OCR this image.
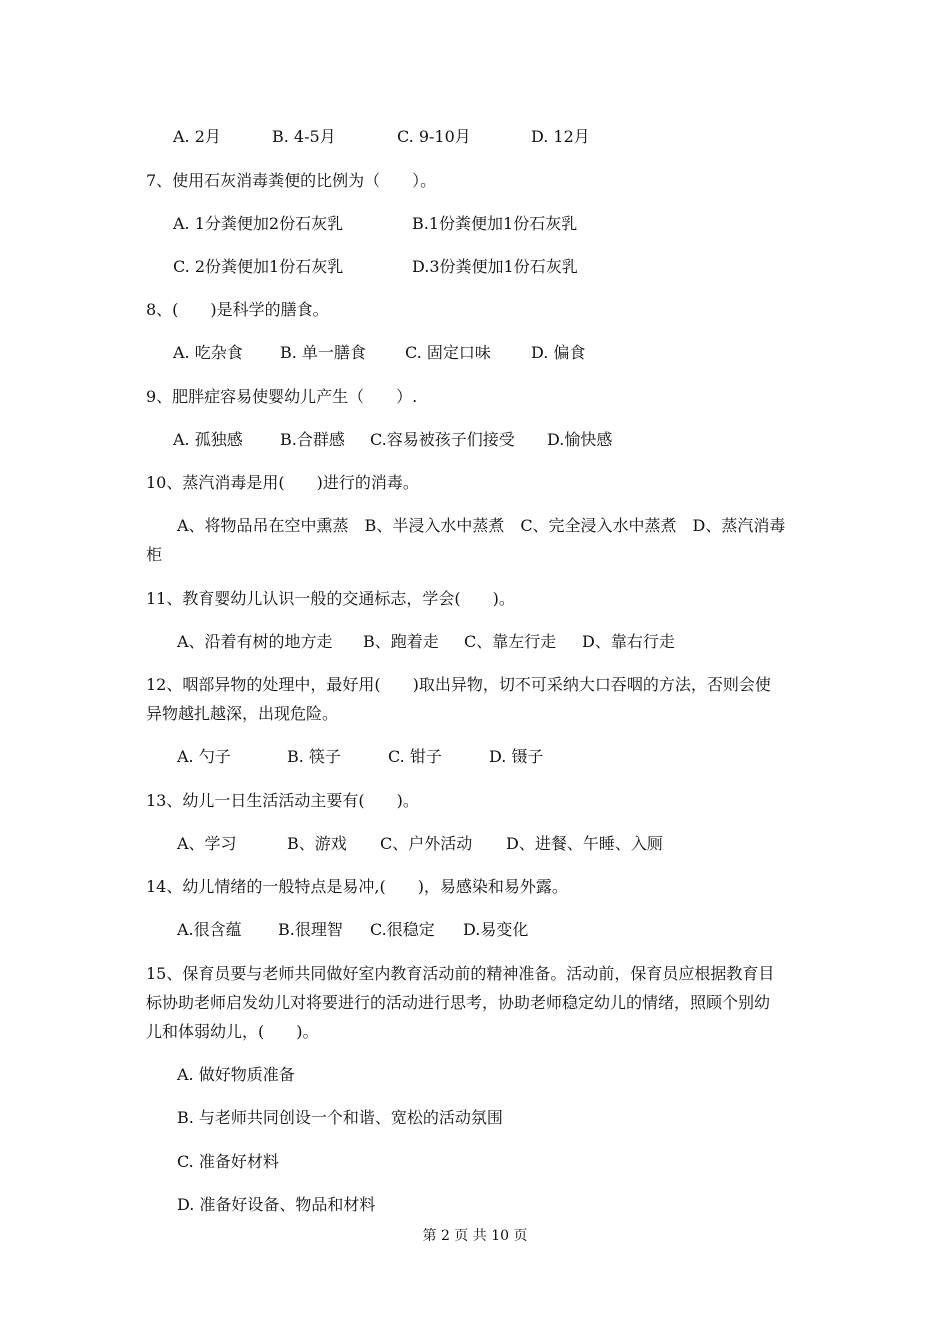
A. 2月	B. 4-5月	C. 9-10月	D. 12月
7、使用石灰消毒粪便的比例为（　　）。
A. 1分粪便加2份石灰乳	B.1份粪便加1份石灰乳
C. 2份粪便加1份石灰乳	D.3份粪便加1份石灰乳
8、(　　)是科学的膳食。
A. 吃杂食 B. 单一膳食 C. 固定口味	D. 偏食
9、肥胖症容易使婴幼儿产生（　　）.
A. 孤独感 B.合群感 C.容易被孩子们接受 D.愉快感
10、蒸汽消毒是用(　　)进行的消毒。
A、将物品吊在空中熏蒸　B、半浸入水中蒸煮　C、完全浸入水中蒸煮　D、蒸汽消毒
柜
11、教育婴幼儿认识一般的交通标志，学会(　　)。
A、沿着有树的地方走 B、跑着走 C、靠左行走 D、靠右行走
12、咽部异物的处理中，最好用(　　)取出异物，切不可采纳大口吞咽的方法，否则会使
异物越扎越深，出现危险。
A. 勺子	B. 筷子	C. 钳子	D. 镊子
13、幼儿一日生活活动主要有(　　)。
A、学习	B、游戏 C、户外活动 D、进餐、午睡、入厕
14、幼儿情绪的一般特点是易冲,(　　)，易感染和易外露。
A.很含蕴 B.很理智 C.很稳定 D.易变化
15、保育员要与老师共同做好室内教育活动前的精神准备。活动前，保育员应根据教育目
标协助老师启发幼儿对将要进行的活动进行思考，协助老师稳定幼儿的情绪，照顾个别幼
儿和体弱幼儿，(　　)。
A. 做好物质准备
B. 与老师共同创设一个和谐、宽松的活动氛围
C. 准备好材料
D. 准备好设备、物品和材料
第 2 页 共 10 页
